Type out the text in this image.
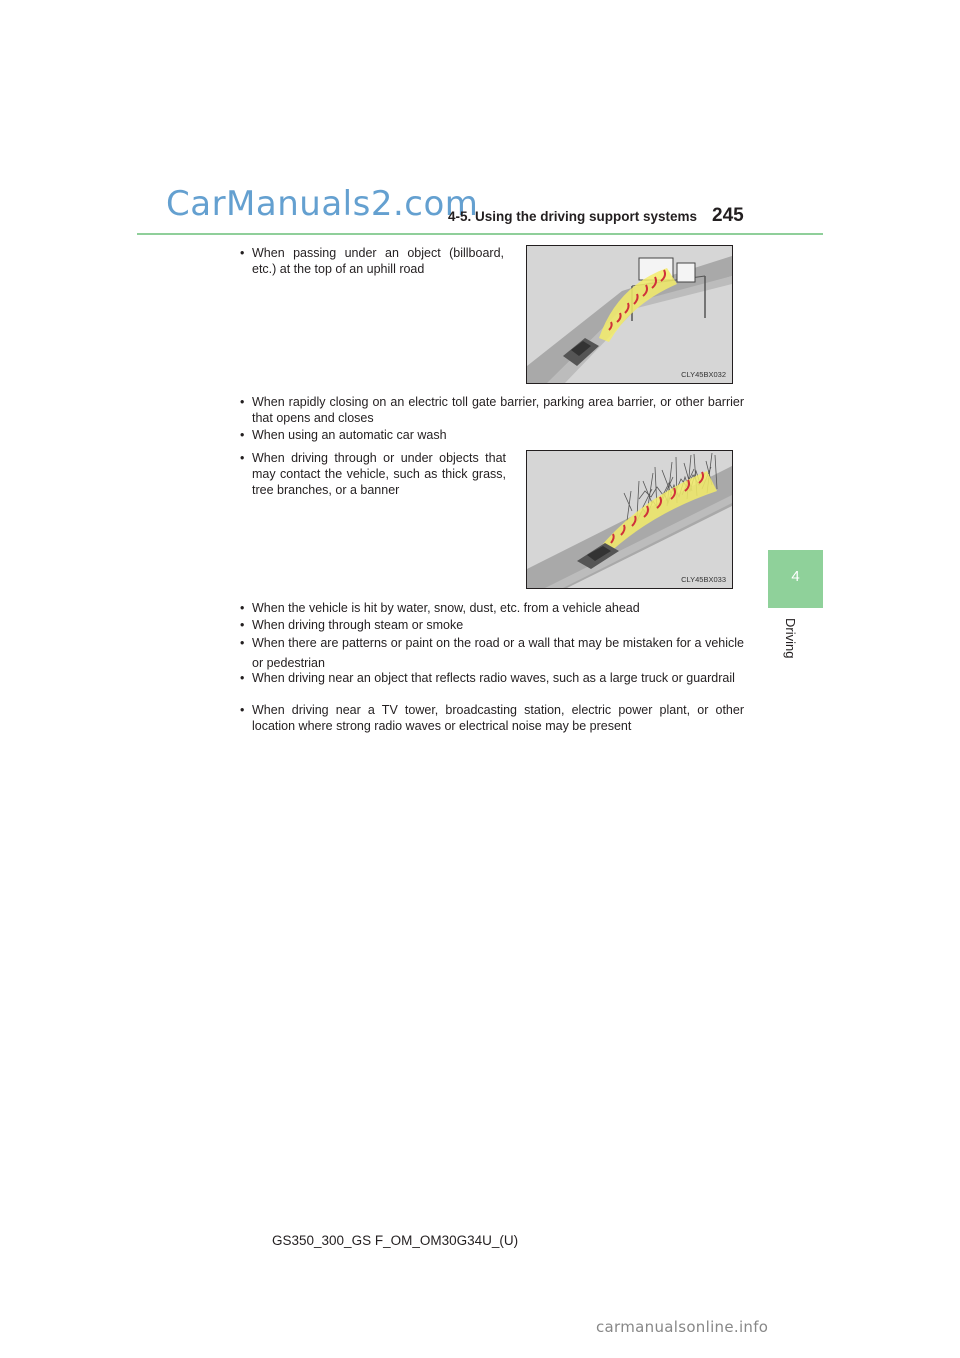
CarManuals2.com
4-5. Using the driving support systems 245
4
Driving
• When passing under an object (billboard, etc.) at the top of an uphill road
CLY45BX032
• When rapidly closing on an electric toll gate barrier, parking area barrier, or other barrier that opens and closes
• When using an automatic car wash
• When driving through or under objects that may contact the vehicle, such as thick grass, tree branches, or a banner
CLY45BX033
• When the vehicle is hit by water, snow, dust, etc. from a vehicle ahead
• When driving through steam or smoke
• When there are patterns or paint on the road or a wall that may be mistaken for a vehicle or pedestrian
• When driving near an object that reflects radio waves, such as a large truck or guardrail
• When driving near a TV tower, broadcasting station, electric power plant, or other location where strong radio waves or electrical noise may be present
GS350_300_GS F_OM_OM30G34U_(U)
carmanualsonline.info
